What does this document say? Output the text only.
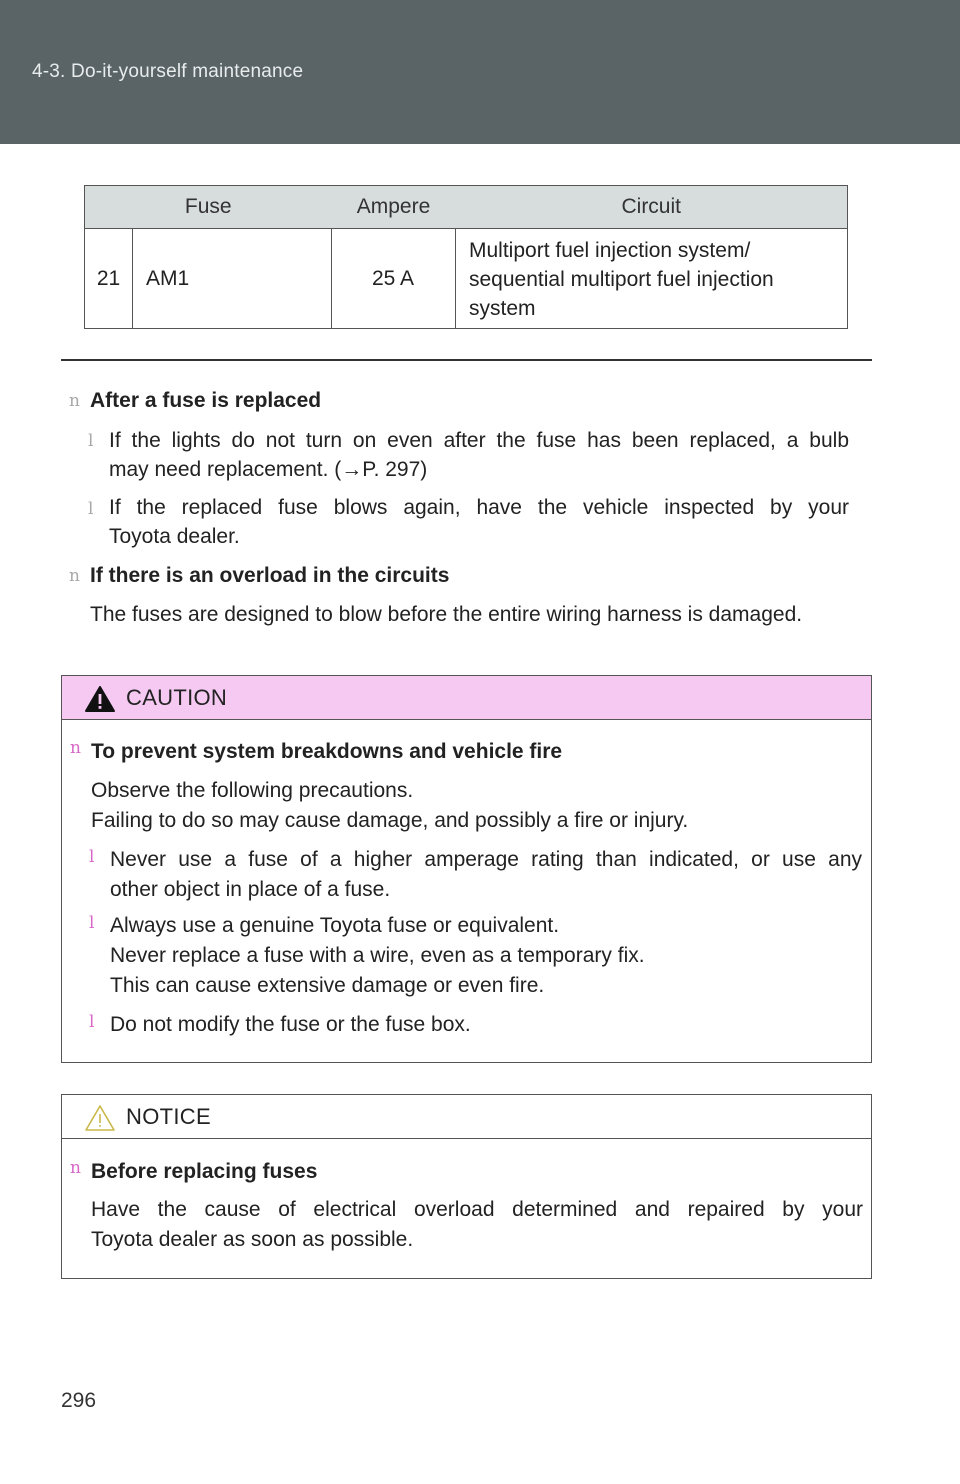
4-3. Do-it-yourself maintenance
Fuse		Ampere	Circuit
21	AM1	25 A	Multiport fuel injection system/
sequential multiport fuel injection
system
n After a fuse is replaced
l If the lights do not turn on even after the fuse has been replaced, a bulb
may need replacement. (→P. 297)
l If the replaced fuse blows again, have the vehicle inspected by your
Toyota dealer.
n If there is an overload in the circuits
The fuses are designed to blow before the entire wiring harness is damaged.
CAUTION
n To prevent system breakdowns and vehicle fire
Observe the following precautions.
Failing to do so may cause damage, and possibly a fire or injury.
l Never use a fuse of a higher amperage rating than indicated, or use any
other object in place of a fuse.
l Always use a genuine Toyota fuse or equivalent.
Never replace a fuse with a wire, even as a temporary fix.
This can cause extensive damage or even fire.
l Do not modify the fuse or the fuse box.
NOTICE
n Before replacing fuses
Have the cause of electrical overload determined and repaired by your
Toyota dealer as soon as possible.
296
